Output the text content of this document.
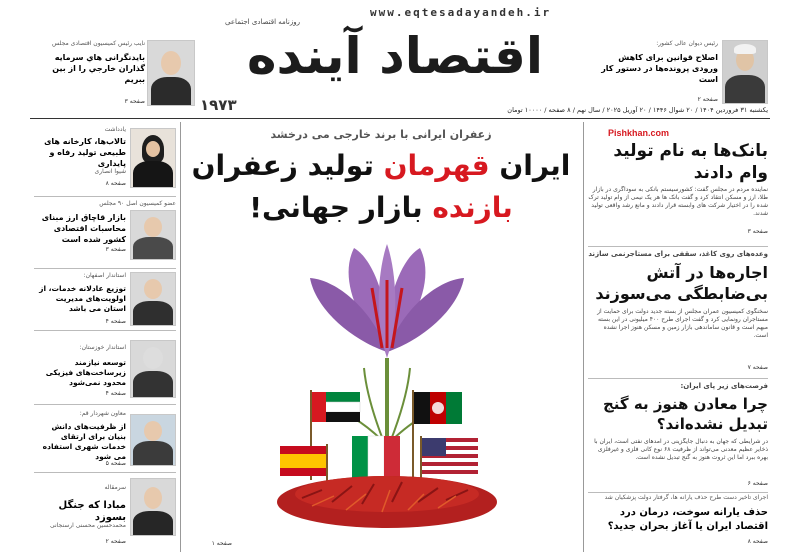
www.eqtesadayandeh.ir
روزنامه اقتصادی اجتماعی
اقتصاد آینده
۱۹۷۳	یکشنبه ۳۱ فروردین ۱۴۰۴ / ۲۰ شوال ۱۴۴۶ / ۲۰ آوریل ۲۰۲۵ / سال نهم / ۸ صفحه / ۱۰۰۰۰ تومان
نایب رئیس کمیسیون اقتصادی مجلس
بایدنگرانی هاي سرمايه گذاران خارجي را از بين ببريم
صفحه ۳
رئیس دیوان عالی کشور:
اصلاح قوانین برای کاهش ورودی پرونده‌ها در دستور کار است
صفحه ۲
یادداشت
تالاب‌ها، کارخانه های طبیعی تولید رفاه و پایداری
شیوا انصاری
صفحه ۸
عضو کمیسیون اصل ۹۰ مجلس
بازار قاچاق ارز مبنای محاسبات اقتصادی کشور شده است
صفحه ۳
استاندار اصفهان:
توزیع عادلانه خدمات، از اولویت‌های مدیریت استان می باشد
صفحه ۴
استاندار خوزستان:
توسعه نیازمند زیرساخت‌های فیزیکی محدود نمی‌شود
صفحه ۴
معاون شهردار قم:
از ظرفیت‌های دانش بنیان برای ارتقای خدمات شهری استفاده می شود
صفحه ۵
سرمقاله
مبادا که جنگل بسوزد
محمدحسین محسنی ارسنجانی
صفحه ۲
زعفران ایرانی با برند خارجی می درخشد
ایران قهرمان تولید زعفران
بازنده بازار جهانی!
صفحه ۱
Pishkhan.com
بانک‌ها به نام تولید وام دادند
نماینده مردم در مجلس گفت: کشورسیستم بانکی به سوداگری در بازار طلا، ارز و مسکن انتقاد کرد و گفت بانک ها هر یک نیمی از وام تولید ترک شده را در اختیار شرکت های وابسته قرار دادند و مانع رشد واقعی تولید شدند.
صفحه ۳
وعده‌های روی کاغذ، سقفی برای مستاجرنمی سازند
اجاره‌ها در آتش بی‌ضابطگی می‌سوزند
سخنگوی کمیسیون عمران مجلس از بسته جدید دولت برای حمایت از مستاجران رونمایی کرد و گفت اجرای طرح ۴۰۰ میلیونی در این بسته مبهم است و قانون ساماندهی بازار زمین و مسکن هنوز اجرا نشده است.
صفحه ۷
فرصت‌های زیر پای ایران:
چرا معادن هنوز به گنج تبدیل نشده‌اند؟
در شرایطی که جهان به دنبال جایگزینی در آمدهای نفتی است، ایران با ذخایر عظیم معدنی می‌تواند از ظرفیت ۶۸ نوع کانی فلزی و غیرفلزی بهره ببرد اما این ثروت هنوز به گنج تبدیل نشده است.
صفحه ۶
اجرای تاخیر دست طرح حذف یارانه ها، گرفتار دولت پزشکیان شد
حذف یارانه سوخت، درمان درد اقتصاد ایران یا آغاز بحران جدید؟
صفحه ۸
